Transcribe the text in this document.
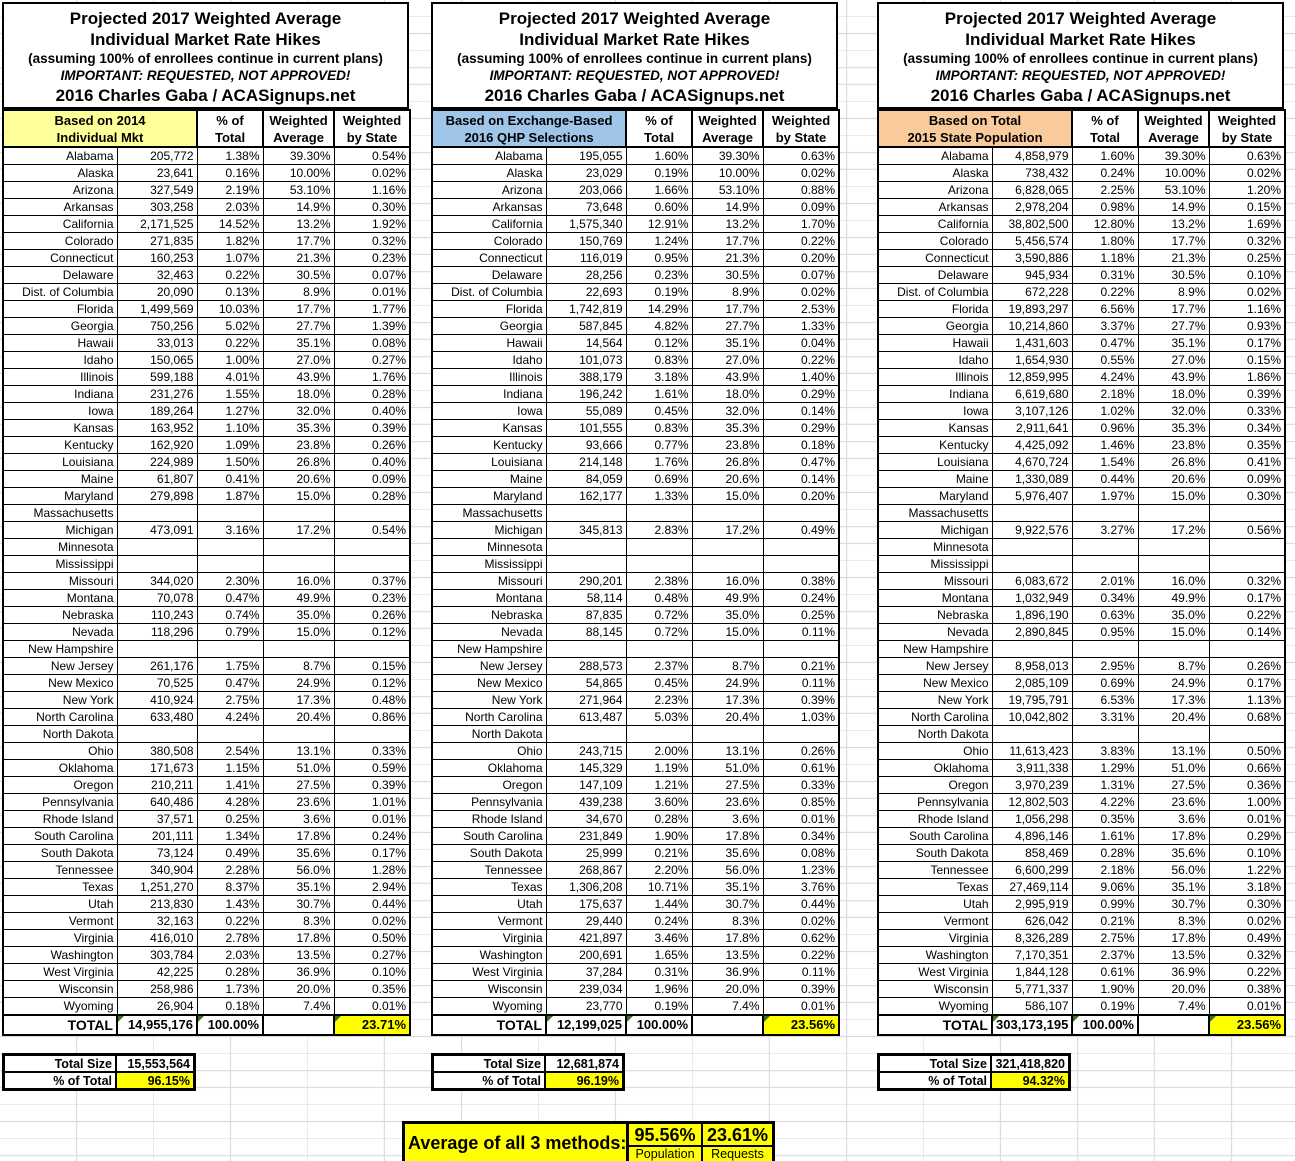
Projected 2017 Weighted Average
Individual Market Rate Hikes
(assuming 100% of enrollees continue in current plans)
IMPORTANT: REQUESTED, NOT APPROVED!
2016 Charles Gaba / ACASignups.net
Based on 2014
Individual Mkt

% of
Total

Weighted
Average

Weighted
by State

Alabama	205,772	1.38%	39.30%	0.54%
Alaska	23,641	0.16%	10.00%	0.02%
Arizona	327,549	2.19%	53.10%	1.16%
Arkansas	303,258	2.03%	14.9%	0.30%
California	2,171,525	14.52%	13.2%	1.92%
Colorado	271,835	1.82%	17.7%	0.32%
Connecticut	160,253	1.07%	21.3%	0.23%
Delaware	32,463	0.22%	30.5%	0.07%
Dist. of Columbia	20,090	0.13%	8.9%	0.01%
Florida	1,499,569	10.03%	17.7%	1.77%
Georgia	750,256	5.02%	27.7%	1.39%
Hawaii	33,013	0.22%	35.1%	0.08%
Idaho	150,065	1.00%	27.0%	0.27%
Illinois	599,188	4.01%	43.9%	1.76%
Indiana	231,276	1.55%	18.0%	0.28%
Iowa	189,264	1.27%	32.0%	0.40%
Kansas	163,952	1.10%	35.3%	0.39%
Kentucky	162,920	1.09%	23.8%	0.26%
Louisiana	224,989	1.50%	26.8%	0.40%
Maine	61,807	0.41%	20.6%	0.09%
Maryland	279,898	1.87%	15.0%	0.28%
Massachusetts				
Michigan	473,091	3.16%	17.2%	0.54%
Minnesota				
Mississippi				
Missouri	344,020	2.30%	16.0%	0.37%
Montana	70,078	0.47%	49.9%	0.23%
Nebraska	110,243	0.74%	35.0%	0.26%
Nevada	118,296	0.79%	15.0%	0.12%
New Hampshire				
New Jersey	261,176	1.75%	8.7%	0.15%
New Mexico	70,525	0.47%	24.9%	0.12%
New York	410,924	2.75%	17.3%	0.48%
North Carolina	633,480	4.24%	20.4%	0.86%
North Dakota				
Ohio	380,508	2.54%	13.1%	0.33%
Oklahoma	171,673	1.15%	51.0%	0.59%
Oregon	210,211	1.41%	27.5%	0.39%
Pennsylvania	640,486	4.28%	23.6%	1.01%
Rhode Island	37,571	0.25%	3.6%	0.01%
South Carolina	201,111	1.34%	17.8%	0.24%
South Dakota	73,124	0.49%	35.6%	0.17%
Tennessee	340,904	2.28%	56.0%	1.28%
Texas	1,251,270	8.37%	35.1%	2.94%
Utah	213,830	1.43%	30.7%	0.44%
Vermont	32,163	0.22%	8.3%	0.02%
Virginia	416,010	2.78%	17.8%	0.50%
Washington	303,784	2.03%	13.5%	0.27%
West Virginia	42,225	0.28%	36.9%	0.10%
Wisconsin	258,986	1.73%	20.0%	0.35%
Wyoming	26,904	0.18%	7.4%	0.01%
TOTAL	14,955,176	100.00%		23.71%
Total Size	15,553,564
% of Total	96.15%
Projected 2017 Weighted Average
Individual Market Rate Hikes
(assuming 100% of enrollees continue in current plans)
IMPORTANT: REQUESTED, NOT APPROVED!
2016 Charles Gaba / ACASignups.net
Based on Exchange-Based
2016 QHP Selections

% of
Total

Weighted
Average

Weighted
by State

Alabama	195,055	1.60%	39.30%	0.63%
Alaska	23,029	0.19%	10.00%	0.02%
Arizona	203,066	1.66%	53.10%	0.88%
Arkansas	73,648	0.60%	14.9%	0.09%
California	1,575,340	12.91%	13.2%	1.70%
Colorado	150,769	1.24%	17.7%	0.22%
Connecticut	116,019	0.95%	21.3%	0.20%
Delaware	28,256	0.23%	30.5%	0.07%
Dist. of Columbia	22,693	0.19%	8.9%	0.02%
Florida	1,742,819	14.29%	17.7%	2.53%
Georgia	587,845	4.82%	27.7%	1.33%
Hawaii	14,564	0.12%	35.1%	0.04%
Idaho	101,073	0.83%	27.0%	0.22%
Illinois	388,179	3.18%	43.9%	1.40%
Indiana	196,242	1.61%	18.0%	0.29%
Iowa	55,089	0.45%	32.0%	0.14%
Kansas	101,555	0.83%	35.3%	0.29%
Kentucky	93,666	0.77%	23.8%	0.18%
Louisiana	214,148	1.76%	26.8%	0.47%
Maine	84,059	0.69%	20.6%	0.14%
Maryland	162,177	1.33%	15.0%	0.20%
Massachusetts				
Michigan	345,813	2.83%	17.2%	0.49%
Minnesota				
Mississippi				
Missouri	290,201	2.38%	16.0%	0.38%
Montana	58,114	0.48%	49.9%	0.24%
Nebraska	87,835	0.72%	35.0%	0.25%
Nevada	88,145	0.72%	15.0%	0.11%
New Hampshire				
New Jersey	288,573	2.37%	8.7%	0.21%
New Mexico	54,865	0.45%	24.9%	0.11%
New York	271,964	2.23%	17.3%	0.39%
North Carolina	613,487	5.03%	20.4%	1.03%
North Dakota				
Ohio	243,715	2.00%	13.1%	0.26%
Oklahoma	145,329	1.19%	51.0%	0.61%
Oregon	147,109	1.21%	27.5%	0.33%
Pennsylvania	439,238	3.60%	23.6%	0.85%
Rhode Island	34,670	0.28%	3.6%	0.01%
South Carolina	231,849	1.90%	17.8%	0.34%
South Dakota	25,999	0.21%	35.6%	0.08%
Tennessee	268,867	2.20%	56.0%	1.23%
Texas	1,306,208	10.71%	35.1%	3.76%
Utah	175,637	1.44%	30.7%	0.44%
Vermont	29,440	0.24%	8.3%	0.02%
Virginia	421,897	3.46%	17.8%	0.62%
Washington	200,691	1.65%	13.5%	0.22%
West Virginia	37,284	0.31%	36.9%	0.11%
Wisconsin	239,034	1.96%	20.0%	0.39%
Wyoming	23,770	0.19%	7.4%	0.01%
TOTAL	12,199,025	100.00%		23.56%
Total Size	12,681,874
% of Total	96.19%
Projected 2017 Weighted Average
Individual Market Rate Hikes
(assuming 100% of enrollees continue in current plans)
IMPORTANT: REQUESTED, NOT APPROVED!
2016 Charles Gaba / ACASignups.net
Based on Total
2015 State Population

% of
Total

Weighted
Average

Weighted
by State

Alabama	4,858,979	1.60%	39.30%	0.63%
Alaska	738,432	0.24%	10.00%	0.02%
Arizona	6,828,065	2.25%	53.10%	1.20%
Arkansas	2,978,204	0.98%	14.9%	0.15%
California	38,802,500	12.80%	13.2%	1.69%
Colorado	5,456,574	1.80%	17.7%	0.32%
Connecticut	3,590,886	1.18%	21.3%	0.25%
Delaware	945,934	0.31%	30.5%	0.10%
Dist. of Columbia	672,228	0.22%	8.9%	0.02%
Florida	19,893,297	6.56%	17.7%	1.16%
Georgia	10,214,860	3.37%	27.7%	0.93%
Hawaii	1,431,603	0.47%	35.1%	0.17%
Idaho	1,654,930	0.55%	27.0%	0.15%
Illinois	12,859,995	4.24%	43.9%	1.86%
Indiana	6,619,680	2.18%	18.0%	0.39%
Iowa	3,107,126	1.02%	32.0%	0.33%
Kansas	2,911,641	0.96%	35.3%	0.34%
Kentucky	4,425,092	1.46%	23.8%	0.35%
Louisiana	4,670,724	1.54%	26.8%	0.41%
Maine	1,330,089	0.44%	20.6%	0.09%
Maryland	5,976,407	1.97%	15.0%	0.30%
Massachusetts				
Michigan	9,922,576	3.27%	17.2%	0.56%
Minnesota				
Mississippi				
Missouri	6,083,672	2.01%	16.0%	0.32%
Montana	1,032,949	0.34%	49.9%	0.17%
Nebraska	1,896,190	0.63%	35.0%	0.22%
Nevada	2,890,845	0.95%	15.0%	0.14%
New Hampshire				
New Jersey	8,958,013	2.95%	8.7%	0.26%
New Mexico	2,085,109	0.69%	24.9%	0.17%
New York	19,795,791	6.53%	17.3%	1.13%
North Carolina	10,042,802	3.31%	20.4%	0.68%
North Dakota				
Ohio	11,613,423	3.83%	13.1%	0.50%
Oklahoma	3,911,338	1.29%	51.0%	0.66%
Oregon	3,970,239	1.31%	27.5%	0.36%
Pennsylvania	12,802,503	4.22%	23.6%	1.00%
Rhode Island	1,056,298	0.35%	3.6%	0.01%
South Carolina	4,896,146	1.61%	17.8%	0.29%
South Dakota	858,469	0.28%	35.6%	0.10%
Tennessee	6,600,299	2.18%	56.0%	1.22%
Texas	27,469,114	9.06%	35.1%	3.18%
Utah	2,995,919	0.99%	30.7%	0.30%
Vermont	626,042	0.21%	8.3%	0.02%
Virginia	8,326,289	2.75%	17.8%	0.49%
Washington	7,170,351	2.37%	13.5%	0.32%
West Virginia	1,844,128	0.61%	36.9%	0.22%
Wisconsin	5,771,337	1.90%	20.0%	0.38%
Wyoming	586,107	0.19%	7.4%	0.01%
TOTAL	303,173,195	100.00%		23.56%
Total Size 321,418,820
% of Total	94.32%
Average of all 3 methods: 95.56% 23.61%
Population	Requests
